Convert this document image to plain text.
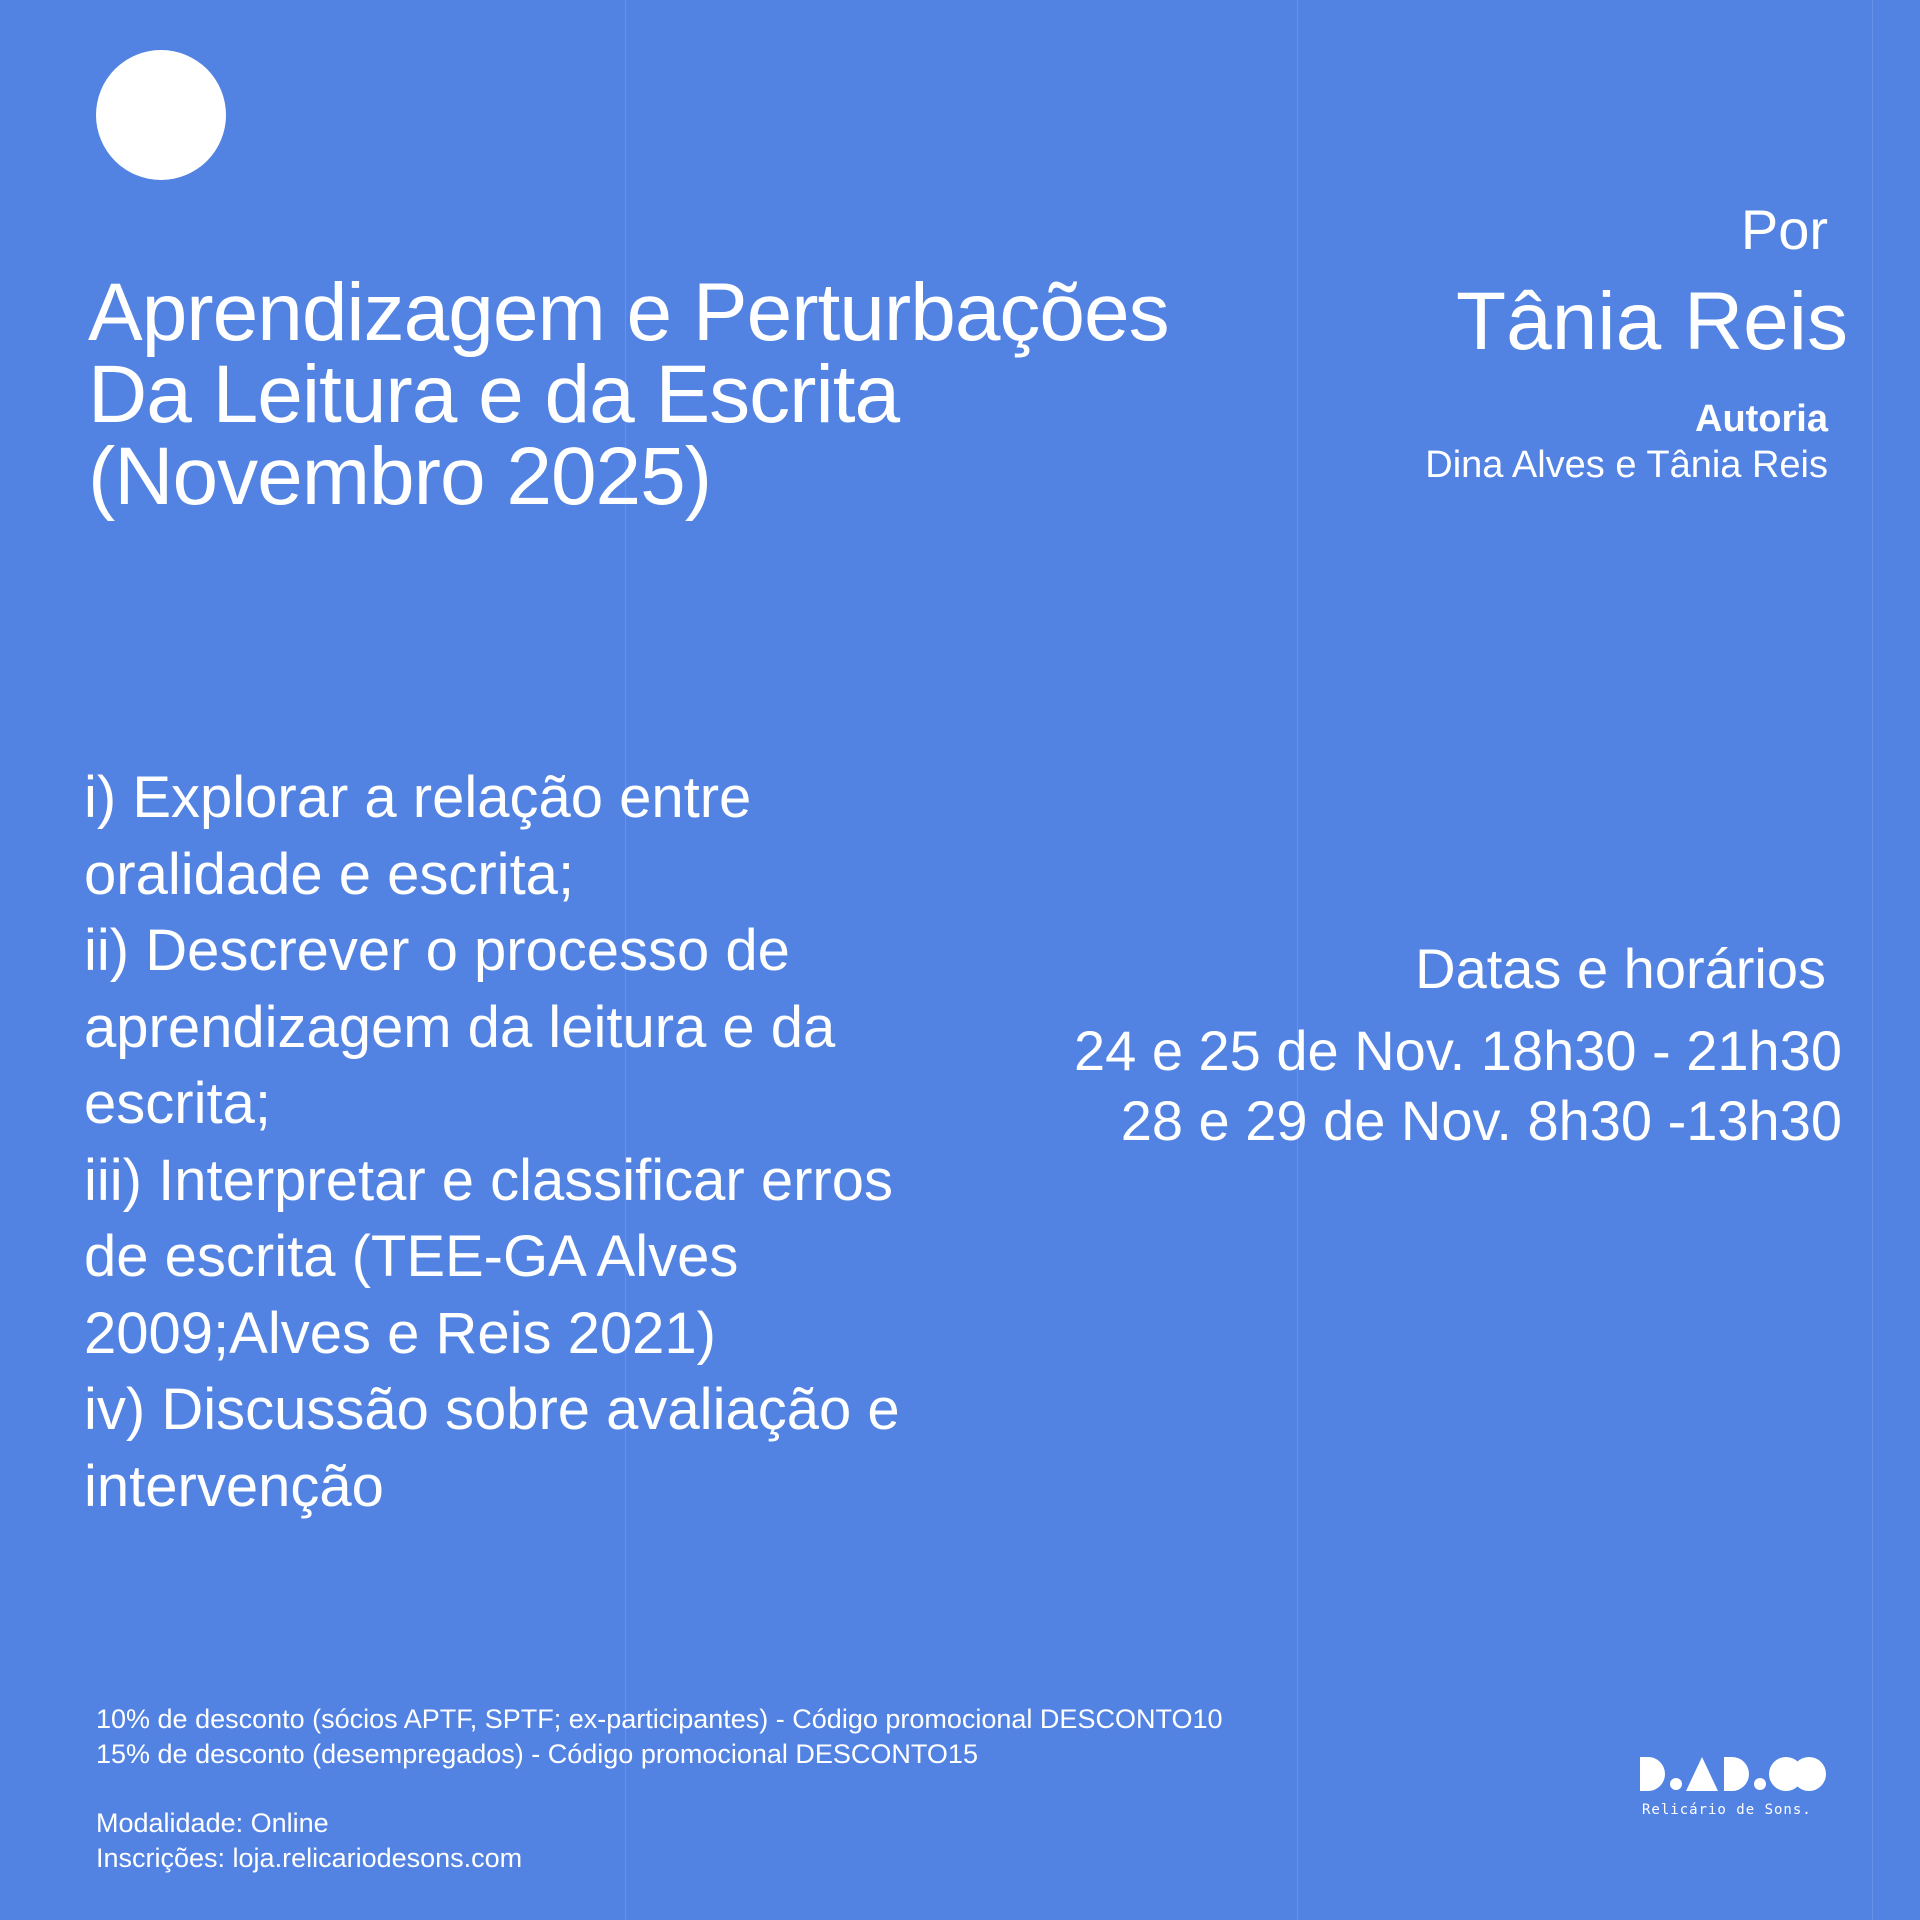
Aprendizagem e Perturbações
Da Leitura e da Escrita
(Novembro 2025)
Por
Tânia Reis
Autoria
Dina Alves e Tânia Reis
i) Explorar a relação entre
oralidade e escrita;
ii) Descrever o processo de
aprendizagem da leitura e da
escrita;
iii) Interpretar e classificar erros
de escrita (TEE-GA Alves
2009;Alves e Reis 2021)
iv) Discussão sobre avaliação e
intervenção
Datas e horários
24 e 25 de Nov. 18h30 - 21h30
28 e 29 de Nov. 8h30 -13h30
10% de desconto (sócios APTF, SPTF; ex-participantes) - Código promocional DESCONTO10
15% de desconto (desempregados) - Código promocional DESCONTO15
Modalidade: Online
Inscrições: loja.relicariodesons.com
Relicário de Sons.
